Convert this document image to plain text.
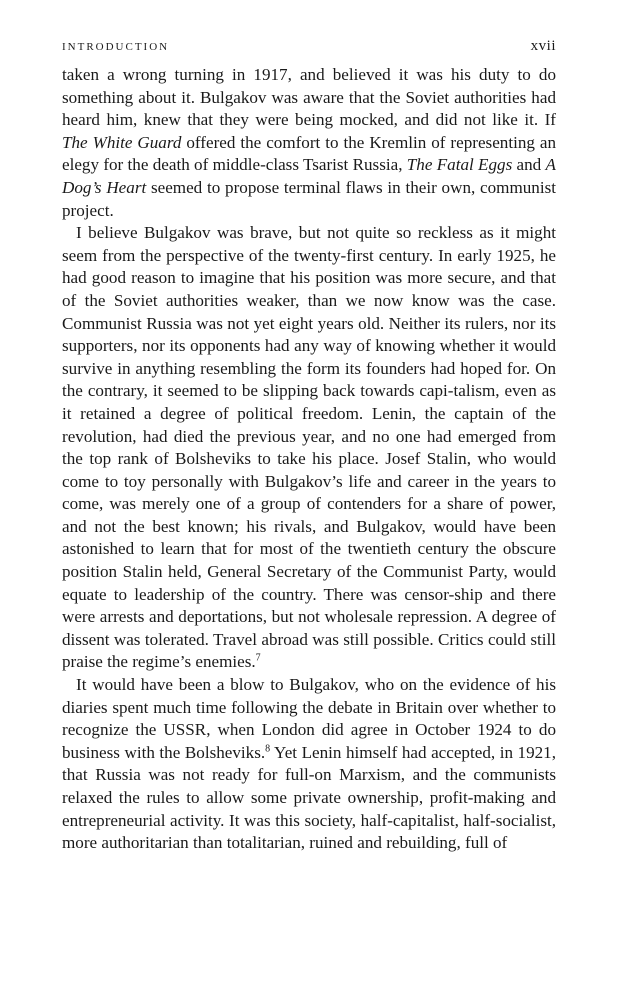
INTRODUCTION	xvii

taken a wrong turning in 1917, and believed it was his duty to do something about it. Bulgakov was aware that the Soviet authorities had heard him, knew that they were being mocked, and did not like it. If The White Guard offered the comfort to the Kremlin of representing an elegy for the death of middle-class Tsarist Russia, The Fatal Eggs and A Dog’s Heart seemed to propose terminal flaws in their own, communist project.

I believe Bulgakov was brave, but not quite so reckless as it might seem from the perspective of the twenty-first century. In early 1925, he had good reason to imagine that his position was more secure, and that of the Soviet authorities weaker, than we now know was the case. Communist Russia was not yet eight years old. Neither its rulers, nor its supporters, nor its opponents had any way of knowing whether it would survive in anything resembling the form its founders had hoped for. On the contrary, it seemed to be slipping back towards capi-talism, even as it retained a degree of political freedom. Lenin, the captain of the revolution, had died the previous year, and no one had emerged from the top rank of Bolsheviks to take his place. Josef Stalin, who would come to toy personally with Bulgakov’s life and career in the years to come, was merely one of a group of contenders for a share of power, and not the best known; his rivals, and Bulgakov, would have been astonished to learn that for most of the twentieth century the obscure position Stalin held, General Secretary of the Communist Party, would equate to leadership of the country. There was censor-ship and there were arrests and deportations, but not wholesale repression. A degree of dissent was tolerated. Travel abroad was still possible. Critics could still praise the regime’s enemies.$^7$

It would have been a blow to Bulgakov, who on the evidence of his diaries spent much time following the debate in Britain over whether to recognize the USSR, when London did agree in October 1924 to do business with the Bolsheviks.$^8$ Yet Lenin himself had accepted, in 1921, that Russia was not ready for full-on Marxism, and the communists relaxed the rules to allow some private ownership, profit-making and entrepreneurial activity. It was this society, half-capitalist, half-socialist, more authoritarian than totalitarian, ruined and rebuilding, full of
